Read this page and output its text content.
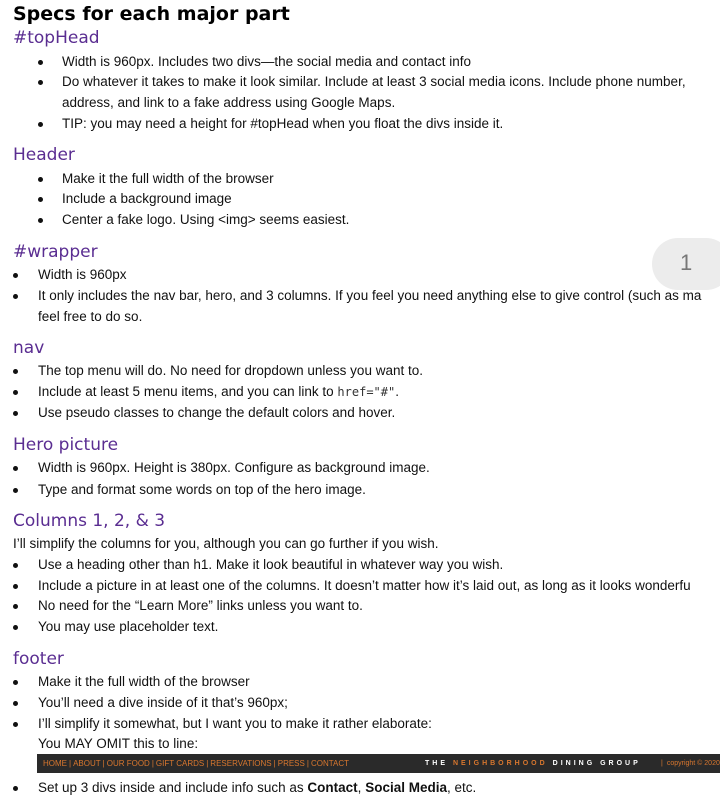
Specs for each major part
#topHead
Width is 960px. Includes two divs—the social media and contact info
Do whatever it takes to make it look similar. Include at least 3 social media icons. Include phone number,
address, and link to a fake address using Google Maps.
TIP: you may need a height for #topHead when you float the divs inside it.
Header
Make it the full width of the browser
Include a background image
Center a fake logo. Using <img> seems easiest.
#wrapper	1
Width is 960px
It only includes the nav bar, hero, and 3 columns. If you feel you need anything else to give control (such as ma
feel free to do so.
nav
The top menu will do. No need for dropdown unless you want to.
Include at least 5 menu items, and you can link to href="#".
Use pseudo classes to change the default colors and hover.
Hero picture
Width is 960px. Height is 380px. Configure as background image.
Type and format some words on top of the hero image.
Columns 1, 2, & 3
I’ll simplify the columns for you, although you can go further if you wish.
Use a heading other than h1. Make it look beautiful in whatever way you wish.
Include a picture in at least one of the columns. It doesn’t matter how it’s laid out, as long as it looks wonderfu
No need for the “Learn More” links unless you want to.
You may use placeholder text.
footer
Make it the full width of the browser
You’ll need a dive inside of it that’s 960px;
I’ll simplify it somewhat, but I want you to make it rather elaborate:
You MAY OMIT this to line:
HOME | ABOUT | OUR FOOD | GIFT CARDS | RESERVATIONS | PRESS | CONTACT	THE NEIGHBORHOOD DINING GROUP	| copyright © 2020
Set up 3 divs inside and include info such as Contact, Social Media, etc.
